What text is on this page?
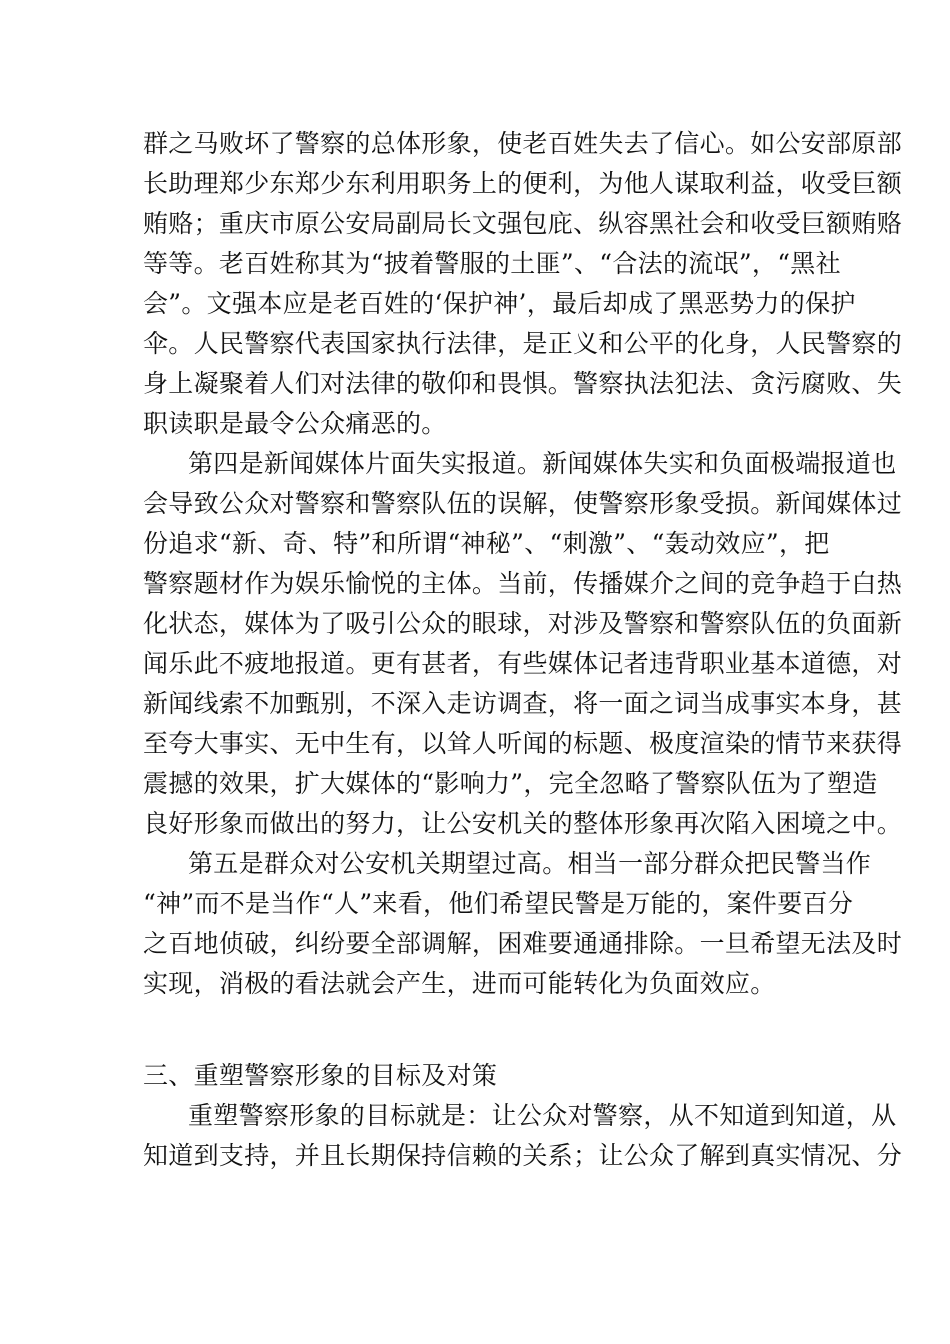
群之马败坏了警察的总体形象，使老百姓失去了信心。如公安部原部
长助理郑少东郑少东利用职务上的便利，为他人谋取利益，收受巨额
贿赂；重庆市原公安局副局长文强包庇、纵容黑社会和收受巨额贿赂
等等。老百姓称其为“披着警服的土匪”、“合法的流氓”，“黑社
会”。文强本应是老百姓的‘保护神’，最后却成了黑恶势力的保护
伞。人民警察代表国家执行法律，是正义和公平的化身，人民警察的
身上凝聚着人们对法律的敬仰和畏惧。警察执法犯法、贪污腐败、失
职读职是最令公众痛恶的。
第四是新闻媒体片面失实报道。新闻媒体失实和负面极端报道也
会导致公众对警察和警察队伍的误解，使警察形象受损。新闻媒体过
份追求“新、奇、特”和所谓“神秘”、“刺激”、“轰动效应”，把
警察题材作为娱乐愉悦的主体。当前，传播媒介之间的竞争趋于白热
化状态，媒体为了吸引公众的眼球，对涉及警察和警察队伍的负面新
闻乐此不疲地报道。更有甚者，有些媒体记者违背职业基本道德，对
新闻线索不加甄别，不深入走访调查，将一面之词当成事实本身，甚
至夸大事实、无中生有，以耸人听闻的标题、极度渲染的情节来获得
震撼的效果，扩大媒体的“影响力”，完全忽略了警察队伍为了塑造
良好形象而做出的努力，让公安机关的整体形象再次陷入困境之中。
第五是群众对公安机关期望过高。相当一部分群众把民警当作
“神”而不是当作“人”来看，他们希望民警是万能的，案件要百分
之百地侦破，纠纷要全部调解，困难要通通排除。一旦希望无法及时
实现，消极的看法就会产生，进而可能转化为负面效应。
三、重塑警察形象的目标及对策
重塑警察形象的目标就是：让公众对警察，从不知道到知道，从
知道到支持，并且长期保持信赖的关系；让公众了解到真实情况、分
